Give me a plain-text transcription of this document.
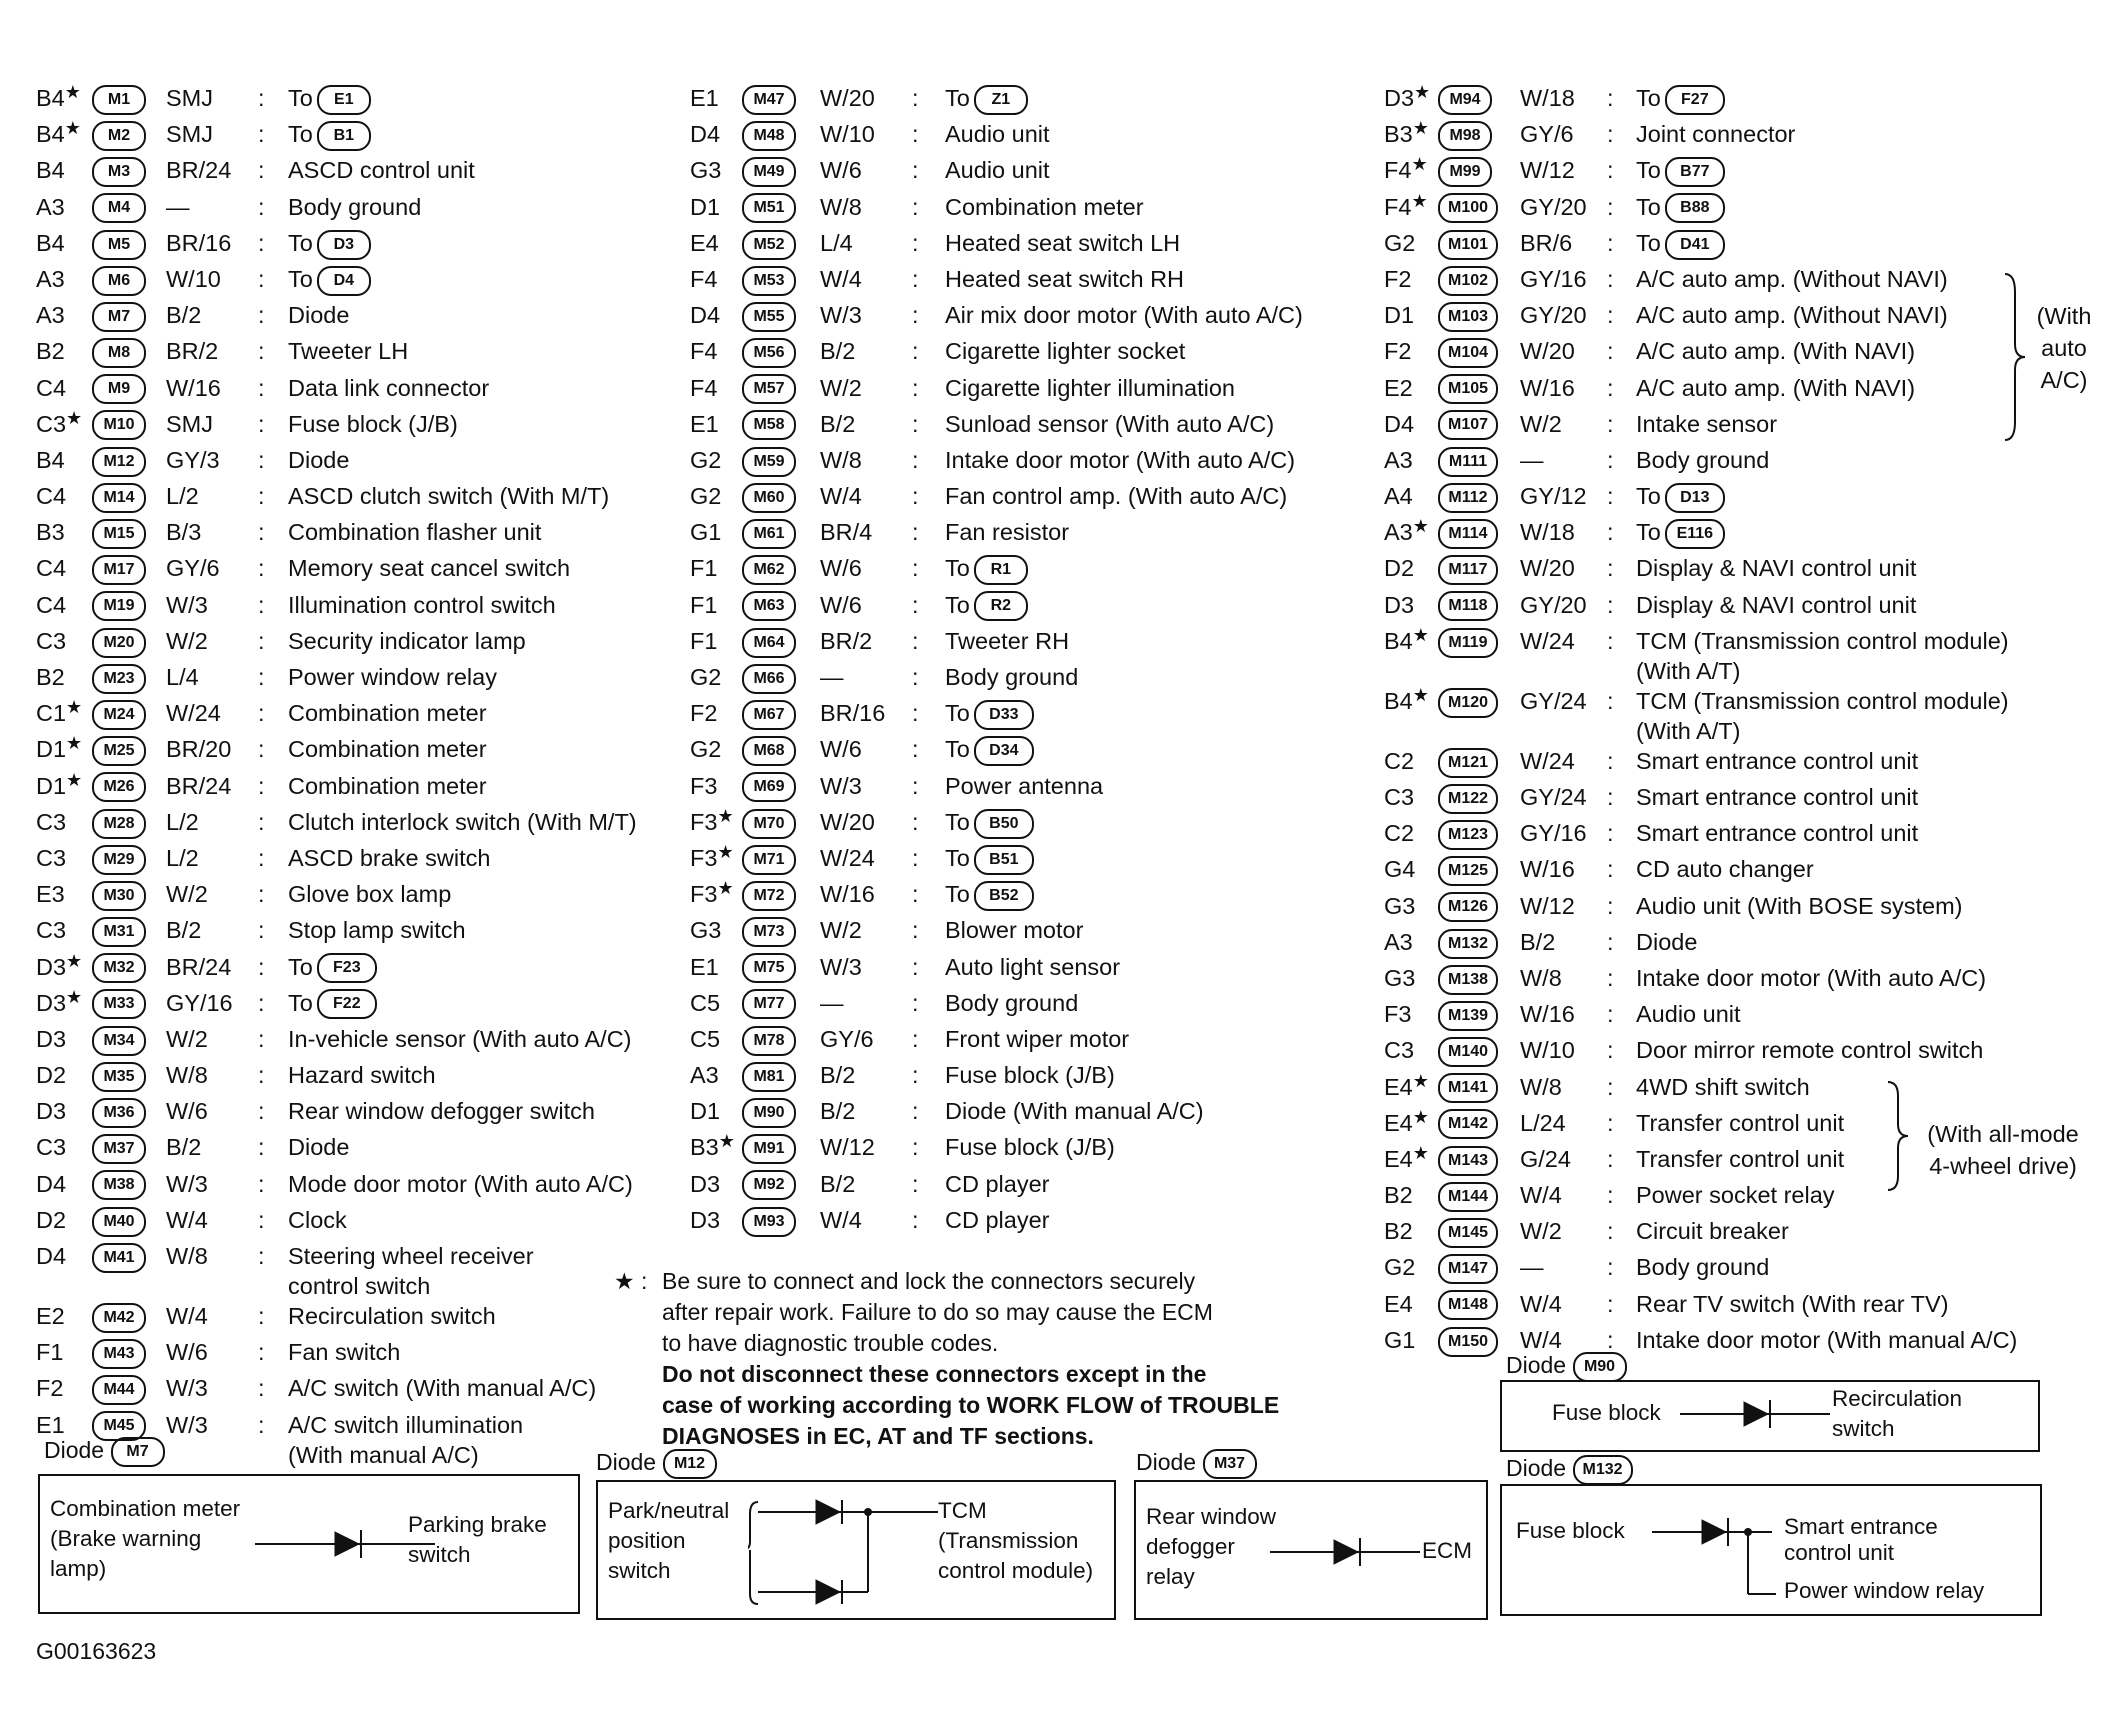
B4★	M1	SMJ : To E1
B4★	M2	SMJ : To B1
B4	M3	BR/24 : ASCD control unit
A3	M4	—	: Body ground
B4	M5	BR/16 : To D3
A3	M6	W/10 : To D4
A3	M7	B/2 : Diode
B2	M8	BR/2 : Tweeter LH
C4	M9	W/16 : Data link connector
C3★	M10	SMJ : Fuse block (J/B)
B4	M12	GY/3 : Diode
C4	M14	L/2	: ASCD clutch switch (With M/T)
B3	M15	B/3 : Combination flasher unit
C4	M17	GY/6 : Memory seat cancel switch
C4	M19	W/3 : Illumination control switch
C3	M20	W/2 : Security indicator lamp
B2	M23	L/4	: Power window relay
C1★	M24	W/24 : Combination meter
D1★	M25	BR/20 : Combination meter
D1★	M26	BR/24 : Combination meter
C3	M28	L/2	: Clutch interlock switch (With M/T)
C3	M29	L/2	: ASCD brake switch
E3	M30	W/2 : Glove box lamp
C3	M31	B/2 : Stop lamp switch
D3★	M32	BR/24 : To F23
D3★	M33	GY/16 : To F22
D3	M34	W/2 : In-vehicle sensor (With auto A/C)
D2	M35	W/8 : Hazard switch
D3	M36	W/6 : Rear window defogger switch
C3	M37	B/2 : Diode
D4	M38	W/3 : Mode door motor (With auto A/C)
D2	M40	W/4 : Clock
D4	M41	W/8 : Steering wheel receiver
control switch
E2	M42	W/4 : Recirculation switch
F1	M43	W/6 : Fan switch
F2	M44	W/3 : A/C switch (With manual A/C)
E1	M45	W/3 : A/C switch illumination
(With manual A/C)
E1	M47	W/20 : To Z1
D4	M48	W/10 : Audio unit
G3	M49	W/6 : Audio unit
D1	M51	W/8 : Combination meter
E4	M52	L/4	: Heated seat switch LH
F4	M53	W/4 : Heated seat switch RH
D4	M55	W/3 : Air mix door motor (With auto A/C)
F4	M56	B/2 : Cigarette lighter socket
F4	M57	W/2 : Cigarette lighter illumination
E1	M58	B/2 : Sunload sensor (With auto A/C)
G2	M59	W/8 : Intake door motor (With auto A/C)
G2	M60	W/4 : Fan control amp. (With auto A/C)
G1	M61	BR/4 : Fan resistor
F1	M62	W/6 : To R1
F1	M63	W/6 : To R2
F1	M64	BR/2 : Tweeter RH
G2	M66	—	: Body ground
F2	M67	BR/16 : To D33
G2	M68	W/6 : To D34
F3	M69	W/3 : Power antenna
F3★	M70	W/20 : To B50
F3★	M71	W/24 : To B51
F3★	M72	W/16 : To B52
G3	M73	W/2 : Blower motor
E1	M75	W/3 : Auto light sensor
C5	M77	—	: Body ground
C5	M78	GY/6 : Front wiper motor
A3	M81	B/2 : Fuse block (J/B)
D1	M90	B/2 : Diode (With manual A/C)
B3★	M91	W/12 : Fuse block (J/B)
D3	M92	B/2 : CD player
D3	M93	W/4 : CD player
D3★	M94	W/18 : To F27
B3★	M98	GY/6 : Joint connector
F4★	M99	W/12 : To B77
F4★	M100	GY/20 : To B88
G2	M101	BR/6 : To D41
F2	M102	GY/16 : A/C auto amp. (Without NAVI)
D1	M103	GY/20 : A/C auto amp. (Without NAVI)
F2	M104	W/20 : A/C auto amp. (With NAVI)
E2	M105	W/16 : A/C auto amp. (With NAVI)
D4	M107	W/2 : Intake sensor
A3	M111	—	: Body ground
A4	M112	GY/12 : To D13
A3★	M114	W/18 : To E116
D2	M117	W/20 : Display & NAVI control unit
D3	M118	GY/20 : Display & NAVI control unit
B4★	M119	W/24 : TCM (Transmission control module)
(With A/T)
B4★	M120	GY/24 : TCM (Transmission control module)
(With A/T)
C2	M121	W/24 : Smart entrance control unit
C3	M122	GY/24 : Smart entrance control unit
C2	M123	GY/16 : Smart entrance control unit
G4	M125	W/16 : CD auto changer
G3	M126	W/12 : Audio unit (With BOSE system)
A3	M132	B/2 : Diode
G3	M138	W/8 : Intake door motor (With auto A/C)
F3	M139	W/16 : Audio unit
C3	M140	W/10 : Door mirror remote control switch
E4★	M141	W/8 : 4WD shift switch
E4★	M142	L/24 : Transfer control unit
E4★	M143	G/24 : Transfer control unit
B2	M144	W/4 : Power socket relay
B2	M145	W/2 : Circuit breaker
G2	M147	—	: Body ground
E4	M148	W/4 : Rear TV switch (With rear TV)
G1	M150	W/4 : Intake door motor (With manual A/C)
(With
auto
A/C)
(With all-mode
4-wheel drive)
★ : Be sure to connect and lock the connectors securely
after repair work. Failure to do so may cause the ECM
to have diagnostic trouble codes.
Do not disconnect these connectors except in the
case of working according to WORK FLOW of TROUBLE
DIAGNOSES in EC, AT and TF sections.
Diode M7
Combination meter
(Brake warning
lamp)
Parking brake
switch
Diode M12
Park/neutral
position
switch
TCM
(Transmission
control module)
Diode M37
Rear window
defogger
relay
ECM
Diode M90
Fuse block
Recirculation
switch
Diode M132
Fuse block	Smart entrance
control unit
Power window relay
G00163623
